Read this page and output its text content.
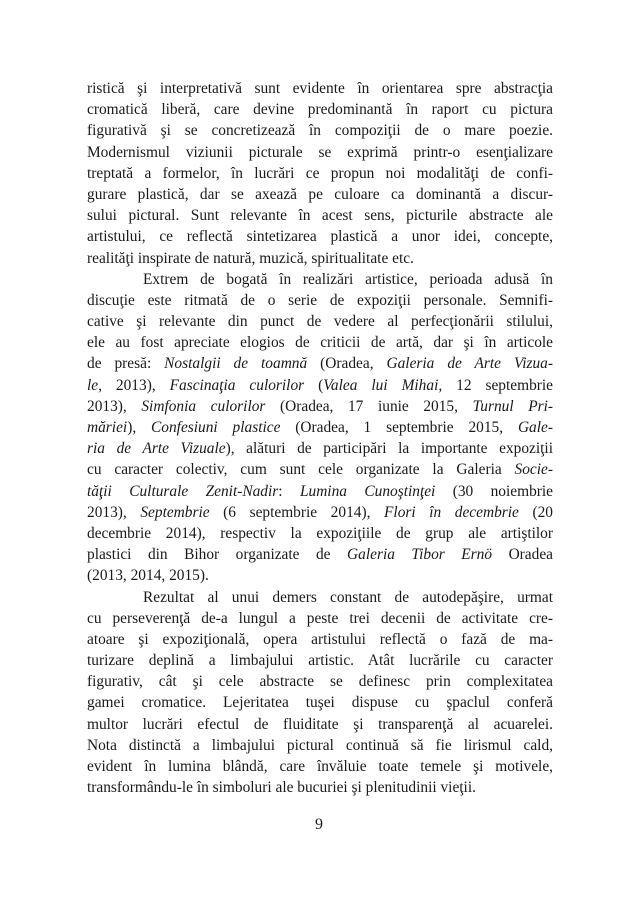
ristică şi interpretativă sunt evidente în orientarea spre abstracţia
cromatică liberă, care devine predominantă în raport cu pictura
figurativă şi se concretizează în compoziţii de o mare poezie.
Modernismul viziunii picturale se exprimă printr-o esenţializare
treptată a formelor, în lucrări ce propun noi modalităţi de confi-
gurare plastică, dar se axează pe culoare ca dominantă a discur-
sului pictural. Sunt relevante în acest sens, picturile abstracte ale
artistului, ce reflectă sintetizarea plastică a unor idei, concepte,
realităţi inspirate de natură, muzică, spiritualitate etc.
Extrem de bogată în realizări artistice, perioada adusă în
discuţie este ritmată de o serie de expoziţii personale. Semnifi-
cative şi relevante din punct de vedere al perfecţionării stilului,
ele au fost apreciate elogios de criticii de artă, dar şi în articole
de presă: Nostalgii de toamnă (Oradea, Galeria de Arte Vizua-
le, 2013), Fascinaţia culorilor (Valea lui Mihai, 12 septembrie
2013), Simfonia culorilor (Oradea, 17 iunie 2015, Turnul Pri-
măriei), Confesiuni plastice (Oradea, 1 septembrie 2015, Gale-
ria de Arte Vizuale), alături de participări la importante expoziţii
cu caracter colectiv, cum sunt cele organizate la Galeria Socie-
tăţii Culturale Zenit-Nadir: Lumina Cunoştinţei (30 noiembrie
2013), Septembrie (6 septembrie 2014), Flori în decembrie (20
decembrie 2014), respectiv la expoziţiile de grup ale artiştilor
plastici din Bihor organizate de Galeria Tibor Ernö Oradea
(2013, 2014, 2015).
Rezultat al unui demers constant de autodepăşire, urmat
cu perseverenţă de-a lungul a peste trei decenii de activitate cre-
atoare şi expoziţională, opera artistului reflectă o fază de ma-
turizare deplină a limbajului artistic. Atât lucrările cu caracter
figurativ, cât şi cele abstracte se definesc prin complexitatea
gamei cromatice. Lejeritatea tuşei dispuse cu şpaclul conferă
multor lucrări efectul de fluiditate şi transparenţă al acuarelei.
Nota distinctă a limbajului pictural continuă să fie lirismul cald,
evident în lumina blândă, care învăluie toate temele şi motivele,
transformându-le în simboluri ale bucuriei şi plenitudinii vieţii.
9
